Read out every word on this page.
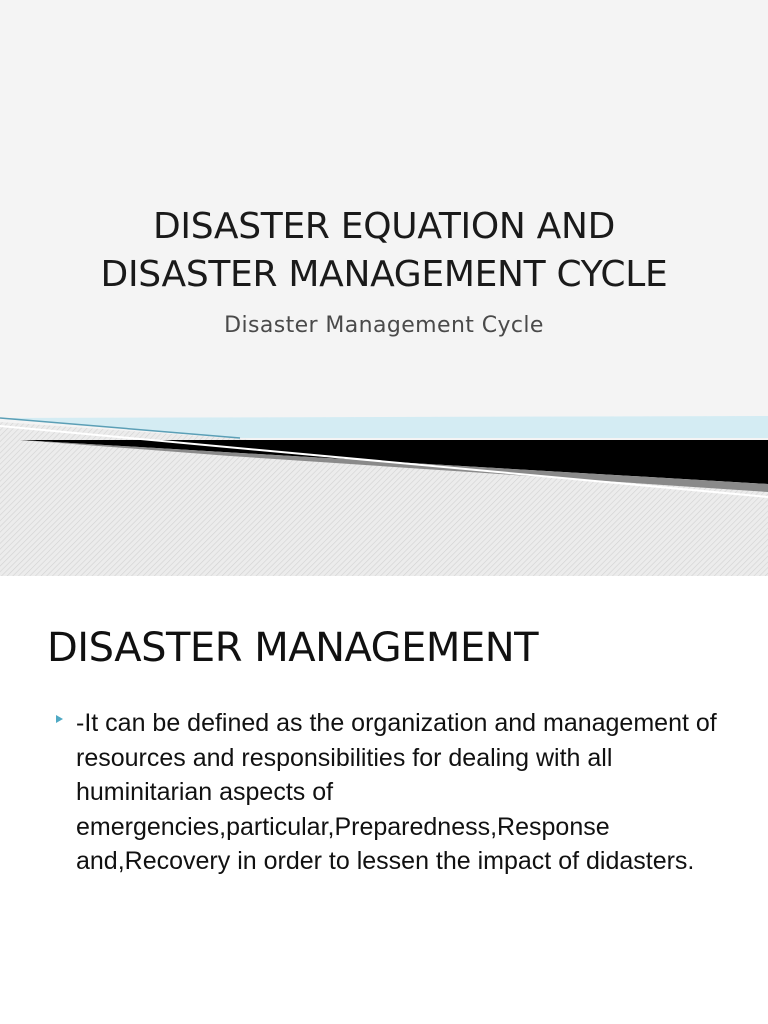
DISASTER EQUATION AND
DISASTER MANAGEMENT CYCLE
Disaster Management Cycle
DISASTER MANAGEMENT

-It can be defined as the organization and management of resources and responsibilities for dealing with all huminitarian aspects of emergencies,particular,Preparedness,Response and,Recovery in order to lessen the impact of didasters.
